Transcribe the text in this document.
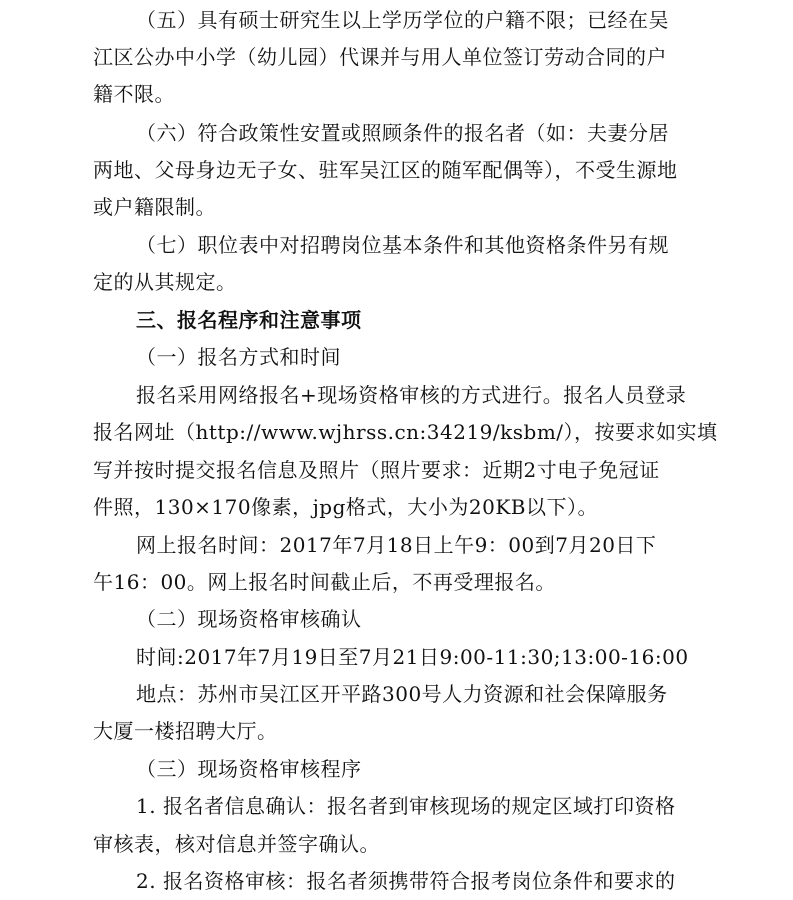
（五）具有硕士研究生以上学历学位的户籍不限；已经在吴
江区公办中小学（幼儿园）代课并与用人单位签订劳动合同的户
籍不限。
（六）符合政策性安置或照顾条件的报名者（如：夫妻分居
两地、父母身边无子女、驻军吴江区的随军配偶等），不受生源地
或户籍限制。
（七）职位表中对招聘岗位基本条件和其他资格条件另有规
定的从其规定。
三、报名程序和注意事项
（一）报名方式和时间
报名采用网络报名+现场资格审核的方式进行。报名人员登录
报名网址（http://www.wjhrss.cn:34219/ksbm/），按要求如实填
写并按时提交报名信息及照片（照片要求：近期2寸电子免冠证
件照，130×170像素，jpg格式，大小为20KB以下）。
网上报名时间：2017年7月18日上午9：00到7月20日下
午16：00。网上报名时间截止后，不再受理报名。
（二）现场资格审核确认
时间:2017年7月19日至7月21日9:00-11:30;13:00-16:00
地点：苏州市吴江区开平路300号人力资源和社会保障服务
大厦一楼招聘大厅。
（三）现场资格审核程序
1. 报名者信息确认：报名者到审核现场的规定区域打印资格
审核表，核对信息并签字确认。
2. 报名资格审核：报名者须携带符合报考岗位条件和要求的
